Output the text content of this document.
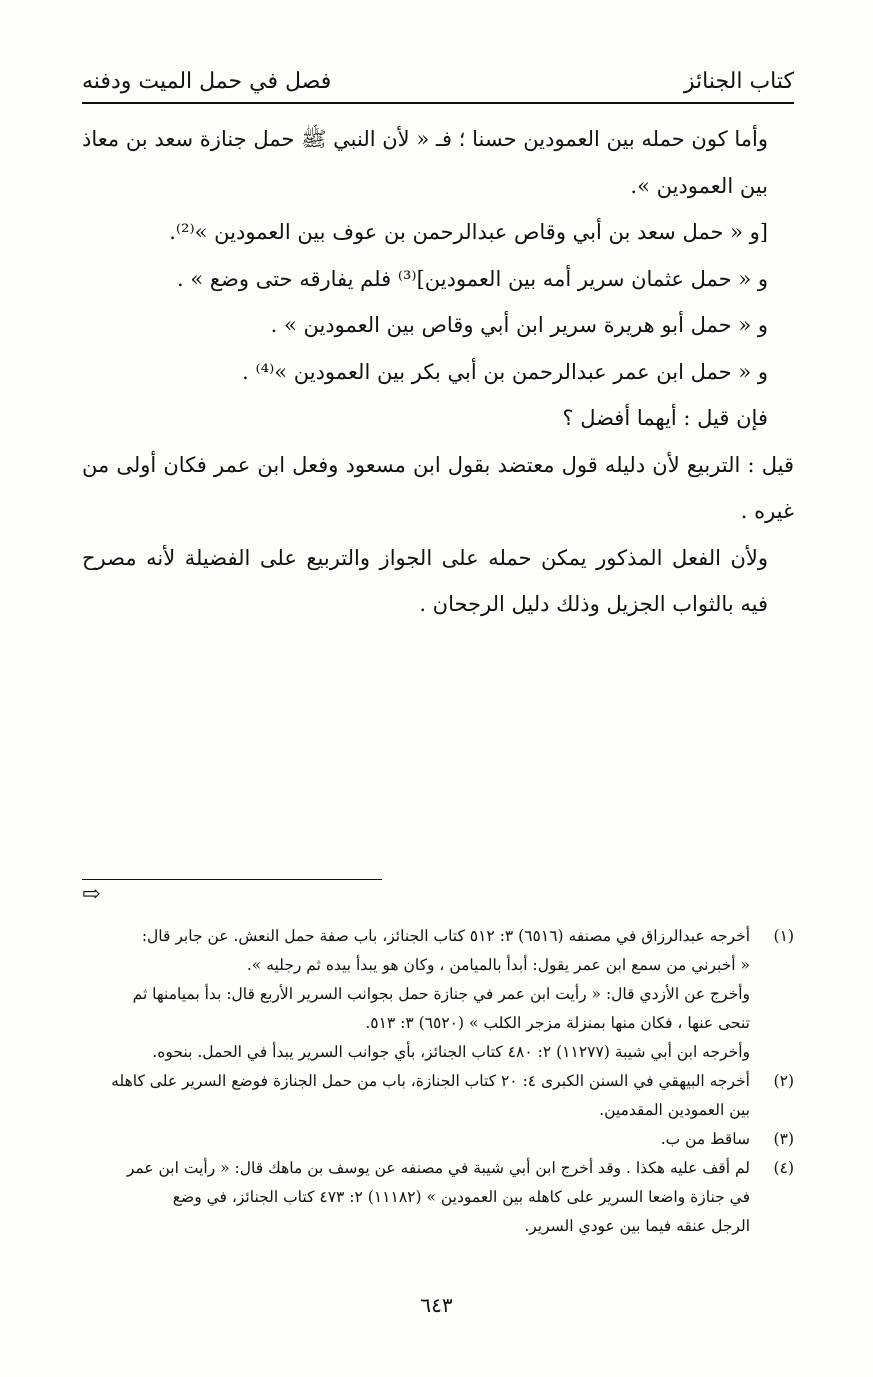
كتاب الجنائز
فصل في حمل الميت ودفنه

وأما كون حمله بين العمودين حسنا ؛ فـ « لأن النبي ﷺ حمل جنازة سعد بن معاذ بين العمودين ».

[و « حمل سعد بن أبي وقاص عبدالرحمن بن عوف بين العمودين »⁽²⁾.

و « حمل عثمان سرير أمه بين العمودين]⁽³⁾ فلم يفارقه حتى وضع » .

و « حمل أبو هريرة سرير ابن أبي وقاص بين العمودين » .

و « حمل ابن عمر عبدالرحمن بن أبي بكر بين العمودين »⁽⁴⁾ .

فإن قيل : أيهما أفضل ؟

قيل : التربيع لأن دليله قول معتضد بقول ابن مسعود وفعل ابن عمر فكان أولى من غيره .

ولأن الفعل المذكور يمكن حمله على الجواز والتربيع على الفضيلة لأنه مصرح فيه بالثواب الجزيل وذلك دليل الرجحان .

⇨
(١)
أخرجه عبدالرزاق في مصنفه (٦٥١٦) ٣: ٥١٢ كتاب الجنائز، باب صفة حمل النعش. عن جابر قال:
« أخبرني من سمع ابن عمر يقول: أبدأ بالميامن ، وكان هو يبدأ بيده ثم رجليه ».
وأخرج عن الأزدي قال: « رأيت ابن عمر في جنازة حمل بجوانب السرير الأربع قال: بدأ بميامنها ثم
تنحى عنها ، فكان منها بمنزلة مزجر الكلب » (٦٥٢٠) ٣: ٥١٣.
وأخرجه ابن أبي شيبة (١١٢٧٧) ٢: ٤٨٠ كتاب الجنائز، بأي جوانب السرير يبدأ في الحمل. بنحوه.
(٢)
أخرجه البيهقي في السنن الكبرى ٤: ٢٠ كتاب الجنازة، باب من حمل الجنازة فوضع السرير على كاهله
بين العمودين المقدمين.
(٣)
ساقط من ب.
(٤)
لم أقف عليه هكذا . وقد أخرج ابن أبي شيبة في مصنفه عن يوسف بن ماهك قال: « رأيت ابن عمر
في جنازة واضعا السرير على كاهله بين العمودين » (١١١٨٢) ٢: ٤٧٣ كتاب الجنائز، في وضع
الرجل عنقه فيما بين عودي السرير.
٦٤٣
